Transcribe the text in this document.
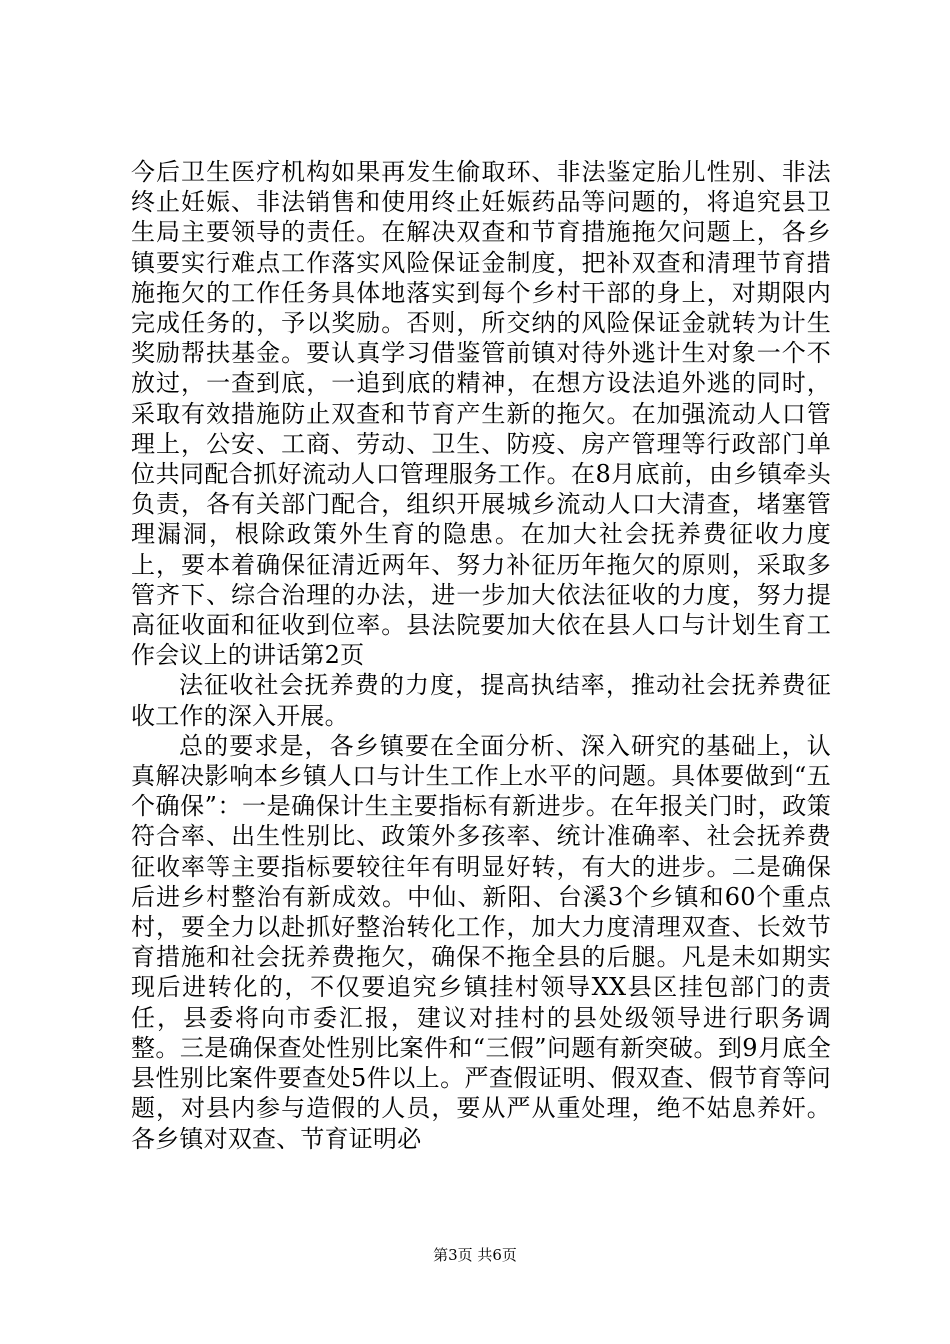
今后卫生医疗机构如果再发生偷取环、非法鉴定胎儿性别、非法终止妊娠、非法销售和使用终止妊娠药品等问题的，将追究县卫生局主要领导的责任。在解决双查和节育措施拖欠问题上，各乡镇要实行难点工作落实风险保证金制度，把补双查和清理节育措施拖欠的工作任务具体地落实到每个乡村干部的身上，对期限内完成任务的，予以奖励。否则，所交纳的风险保证金就转为计生奖励帮扶基金。要认真学习借鉴管前镇对待外逃计生对象一个不放过，一查到底，一追到底的精神，在想方设法追外逃的同时，采取有效措施防止双查和节育产生新的拖欠。在加强流动人口管理上，公安、工商、劳动、卫生、防疫、房产管理等行政部门单位共同配合抓好流动人口管理服务工作。在8月底前，由乡镇牵头负责，各有关部门配合，组织开展城乡流动人口大清查，堵塞管理漏洞，根除政策外生育的隐患。在加大社会抚养费征收力度上，要本着确保征清近两年、努力补征历年拖欠的原则，采取多管齐下、综合治理的办法，进一步加大依法征收的力度，努力提高征收面和征收到位率。县法院要加大依在县人口与计划生育工作会议上的讲话第2页

法征收社会抚养费的力度，提高执结率，推动社会抚养费征收工作的深入开展。

总的要求是，各乡镇要在全面分析、深入研究的基础上，认真解决影响本乡镇人口与计生工作上水平的问题。具体要做到“五个确保”：一是确保计生主要指标有新进步。在年报关门时，政策符合率、出生性别比、政策外多孩率、统计准确率、社会抚养费征收率等主要指标要较往年有明显好转，有大的进步。二是确保后进乡村整治有新成效。中仙、新阳、台溪3个乡镇和60个重点村，要全力以赴抓好整治转化工作，加大力度清理双查、长效节育措施和社会抚养费拖欠，确保不拖全县的后腿。凡是未如期实现后进转化的，不仅要追究乡镇挂村领导XX县区挂包部门的责任，县委将向市委汇报，建议对挂村的县处级领导进行职务调整。三是确保查处性别比案件和“三假”问题有新突破。到9月底全县性别比案件要查处5件以上。严查假证明、假双查、假节育等问题，对县内参与造假的人员，要从严从重处理，绝不姑息养奸。各乡镇对双查、节育证明必

第3页 共6页
